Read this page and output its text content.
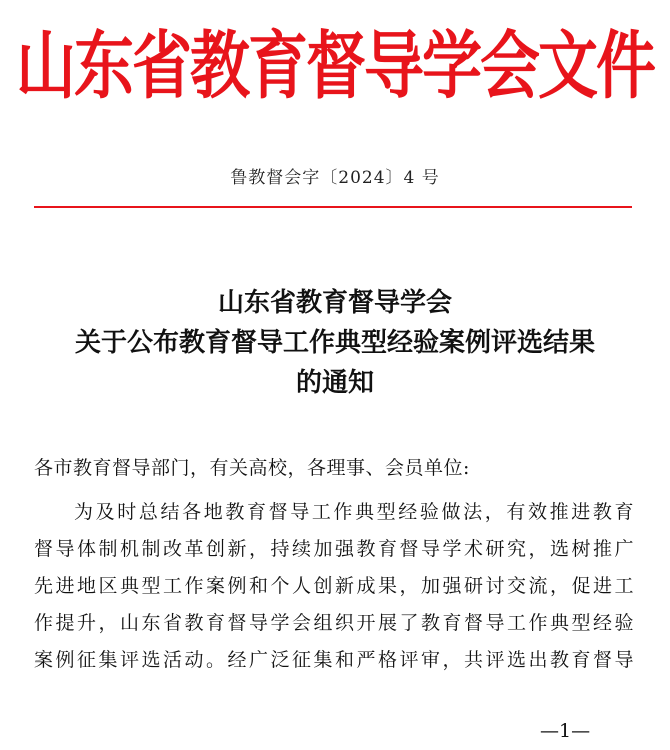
山东省教育督导学会文件
鲁教督会字〔2024〕4 号
山东省教育督导学会
关于公布教育督导工作典型经验案例评选结果
的通知
各市教育督导部门，有关高校，各理事、会员单位:
为及时总结各地教育督导工作典型经验做法，有效推进教育
督导体制机制改革创新，持续加强教育督导学术研究，选树推广
先进地区典型工作案例和个人创新成果，加强研讨交流，促进工
作提升，山东省教育督导学会组织开展了教育督导工作典型经验
案例征集评选活动。经广泛征集和严格评审，共评选出教育督导
—1—
